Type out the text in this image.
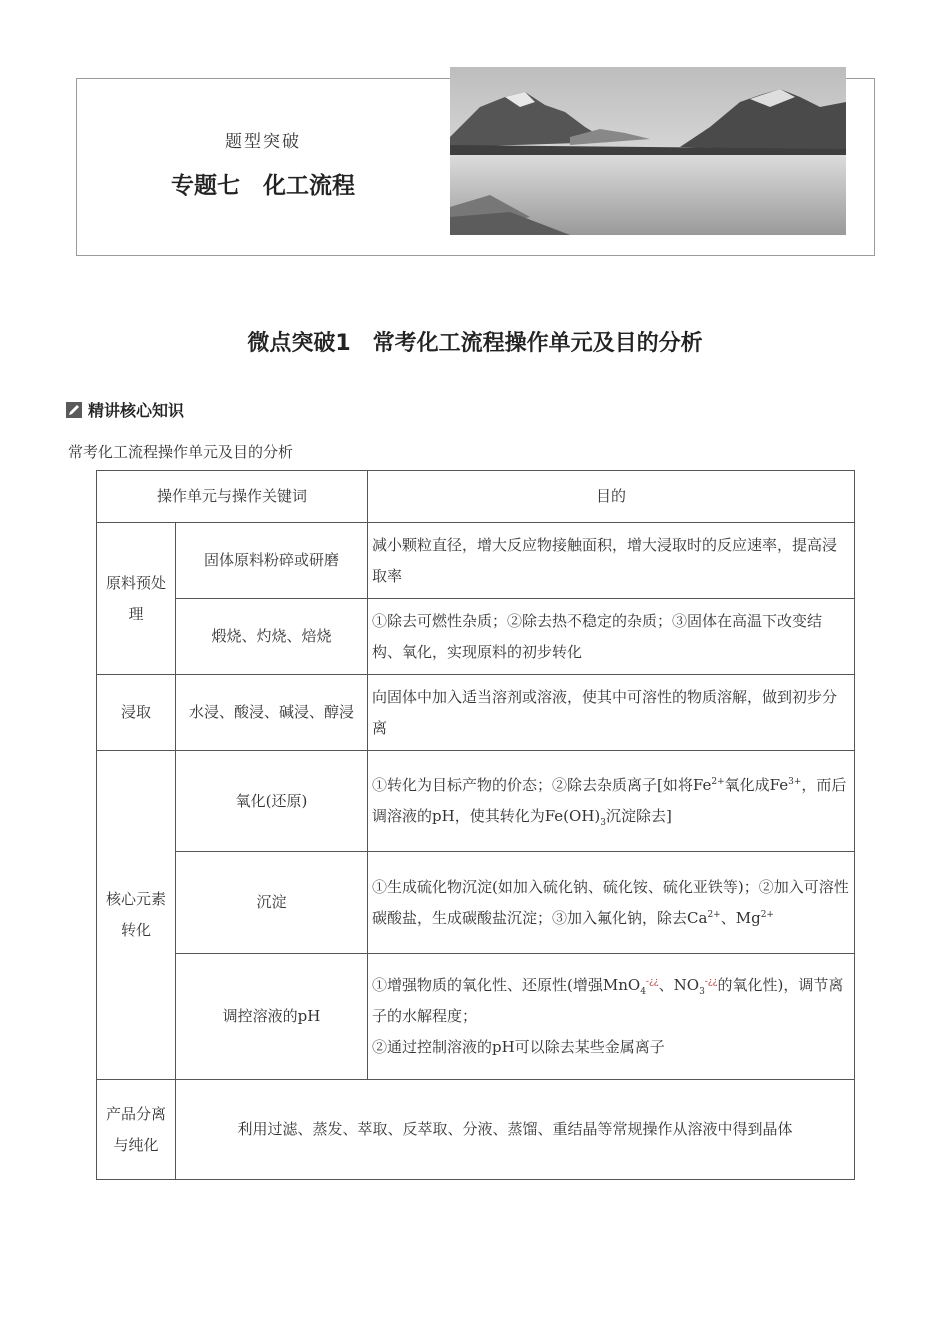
题型突破
专题七　化工流程
微点突破1　常考化工流程操作单元及目的分析
精讲核心知识
常考化工流程操作单元及目的分析
操作单元与操作关键词		目的
原料预处理	固体原料粉碎或研磨	减小颗粒直径，增大反应物接触面积，增大浸取时的反应速率，提高浸取率
	煅烧、灼烧、焙烧	①除去可燃性杂质；②除去热不稳定的杂质；③固体在高温下改变结构、氧化，实现原料的初步转化
浸取	水浸、酸浸、碱浸、醇浸	向固体中加入适当溶剂或溶液，使其中可溶性的物质溶解，做到初步分离
核心元素转化	氧化(还原)	①转化为目标产物的价态；②除去杂质离子[如将$Fe^{2+}$氧化成$Fe^{3+}$，而后调溶液的pH，使其转化为$Fe(OH)_3$沉淀除去]
	沉淀	①生成硫化物沉淀(如加入硫化钠、硫化铵、硫化亚铁等)；②加入可溶性碳酸盐，生成碳酸盐沉淀；③加入氟化钠，除去$Ca^{2+}$、$Mg^{2+}$
	调控溶液的pH	①增强物质的氧化性、还原性(增强MnO$_4$-¿¿、$NO_3^{-¿¿}$的氧化性)，调节离子的水解程度；
②通过控制溶液的pH可以除去某些金属离子
产品分离与纯化	利用过滤、蒸发、萃取、反萃取、分液、蒸馏、重结晶等常规操作从溶液中得到晶体	
